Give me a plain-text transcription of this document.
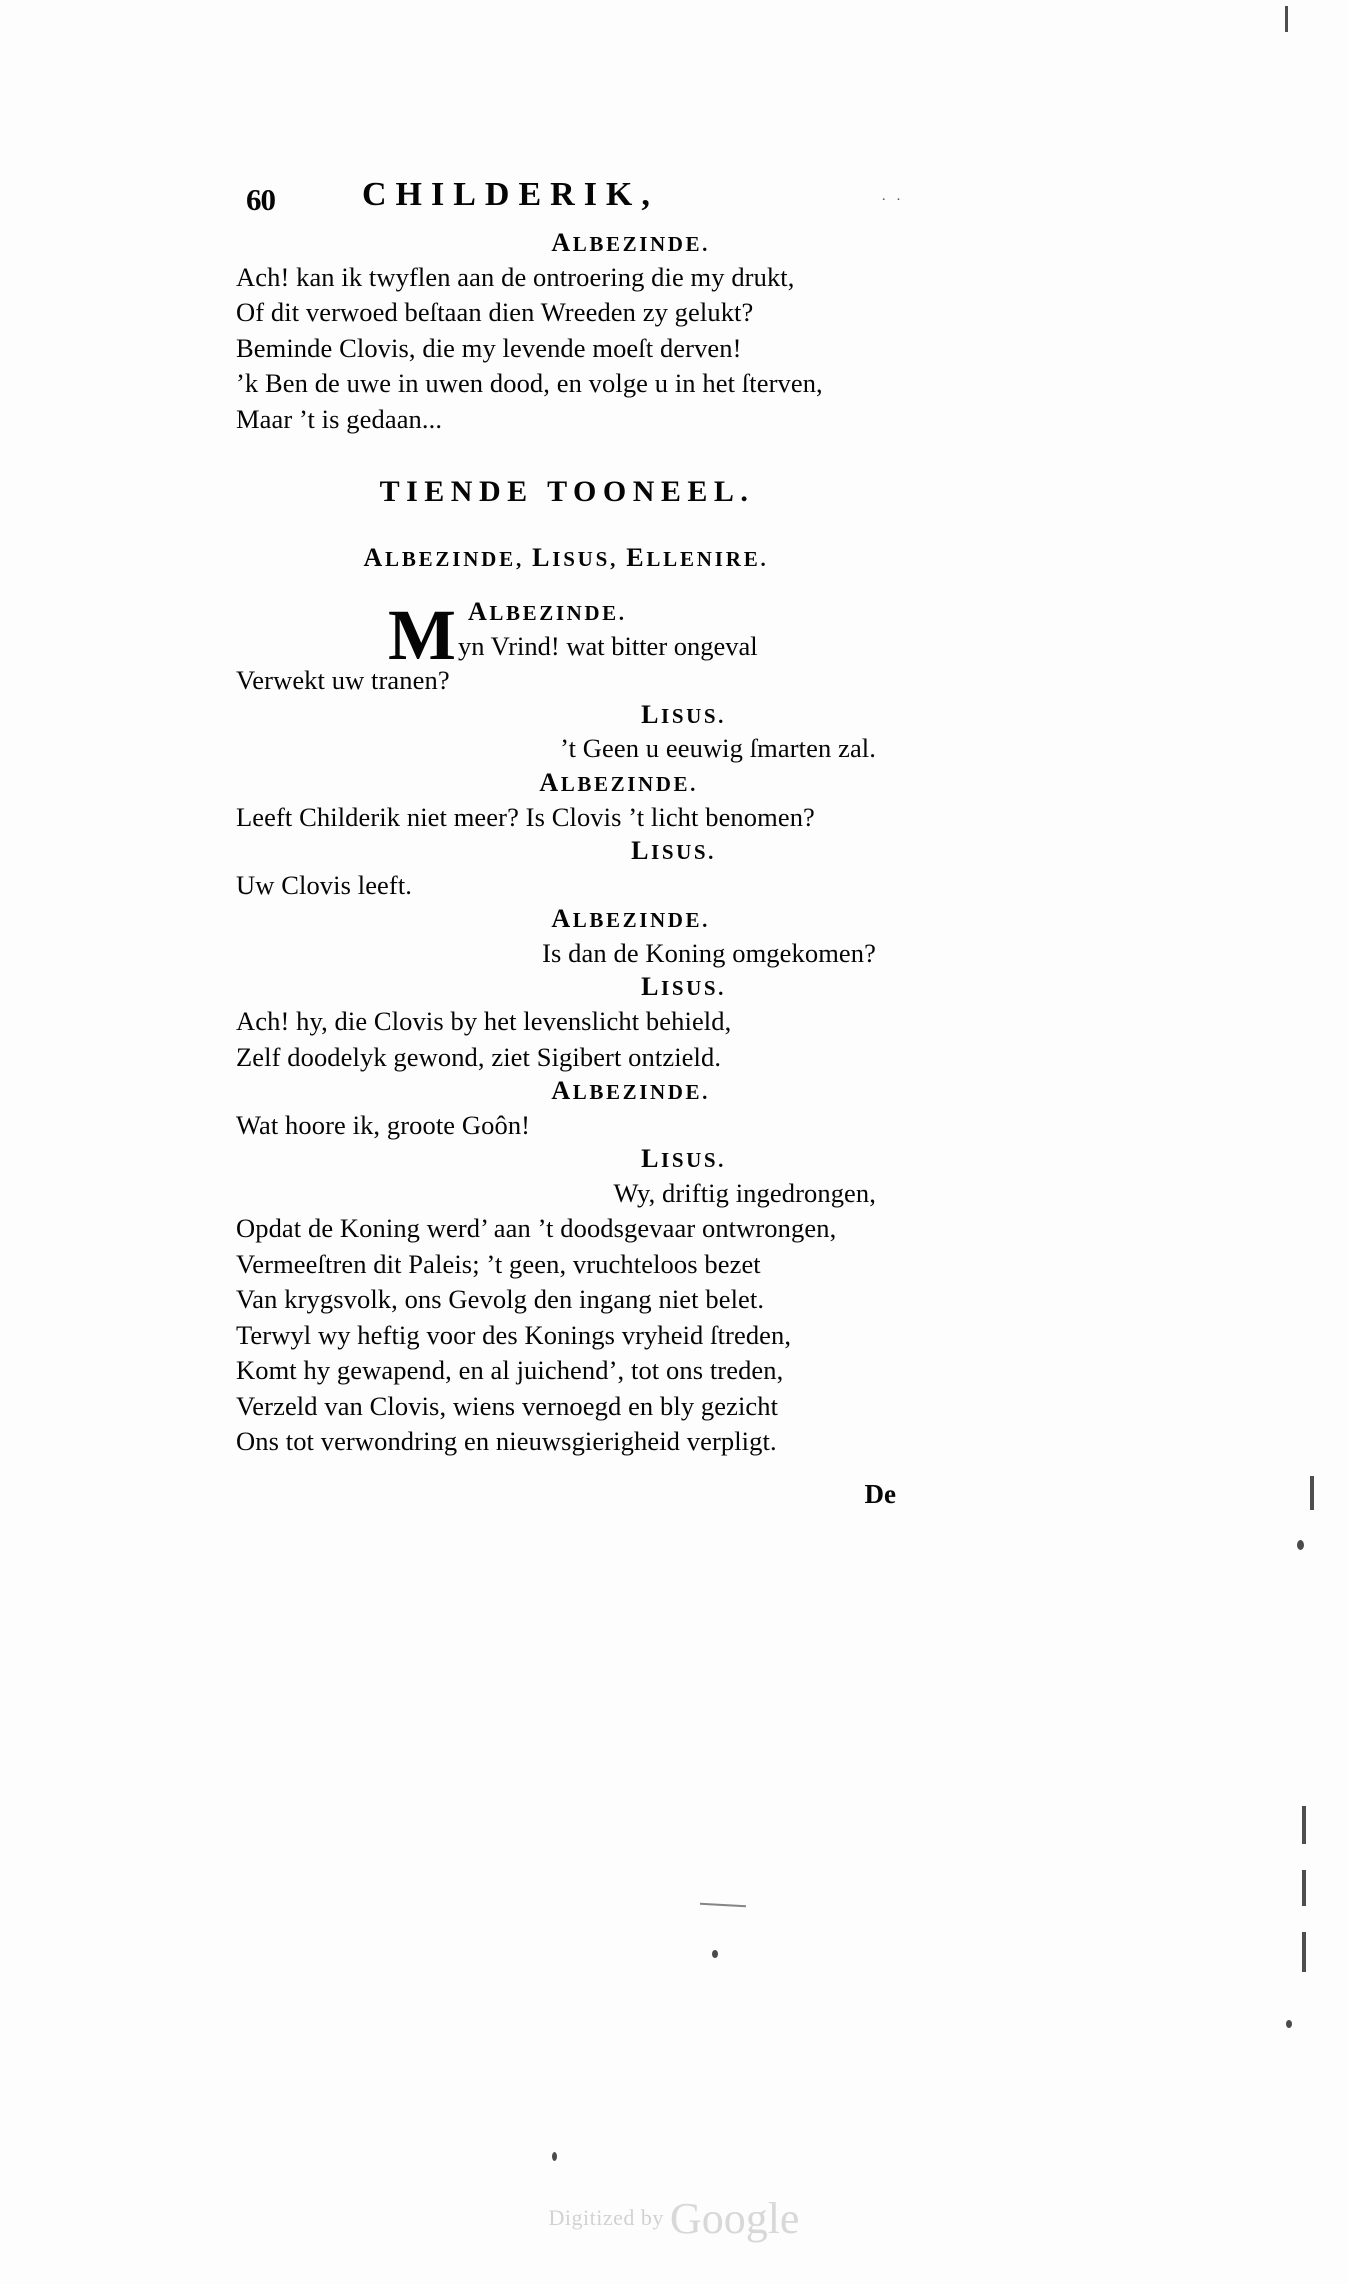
60	CHILDERIK,	· ·
ALBEZINDE.
Ach! kan ik twyflen aan de ontroering die my drukt,
Of dit verwoed beſtaan dien Wreeden zy gelukt?
Beminde Clovis, die my levende moeſt derven!
’k Ben de uwe in uwen dood, en volge u in het ſterven,
Maar ’t is gedaan...
TIENDE TOONEEL.
ALBEZINDE, LISUS, ELLENIRE.
M ALBEZINDE.
yn Vrind! wat bitter ongeval
Verwekt uw tranen?
LISUS.
’t Geen u eeuwig ſmarten zal.
ALBEZINDE.
Leeft Childerik niet meer? Is Clovis ’t licht benomen?
LISUS.
Uw Clovis leeft.
ALBEZINDE.
Is dan de Koning omgekomen?
LISUS.
Ach! hy, die Clovis by het levenslicht behield,
Zelf doodelyk gewond, ziet Sigibert ontzield.
ALBEZINDE.
Wat hoore ik, groote Goôn!
LISUS.
Wy, driftig ingedrongen,
Opdat de Koning werd’ aan ’t doodsgevaar ontwrongen,
Vermeeſtren dit Paleis; ’t geen, vruchteloos bezet
Van krygsvolk, ons Gevolg den ingang niet belet.
Terwyl wy heftig voor des Konings vryheid ſtreden,
Komt hy gewapend, en al juichend’, tot ons treden,
Verzeld van Clovis, wiens vernoegd en bly gezicht
Ons tot verwondring en nieuwsgierigheid verpligt.
De
Digitized by Google
